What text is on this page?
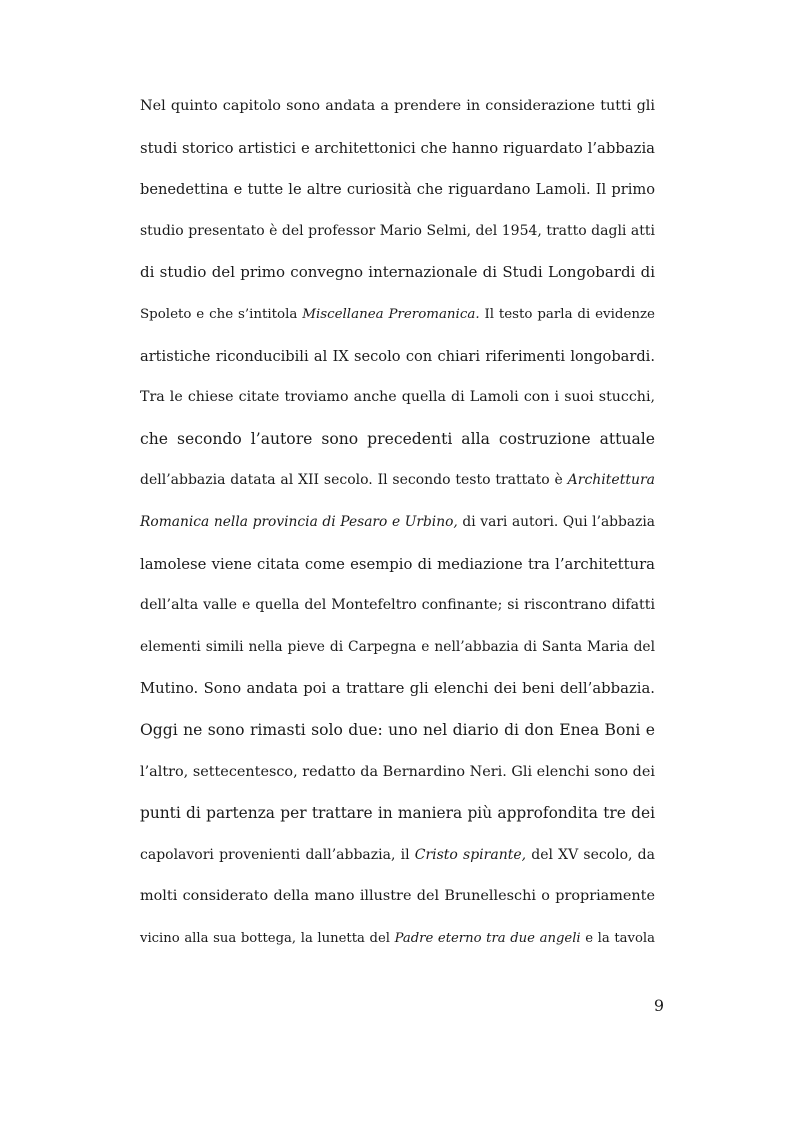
Nel quinto capitolo sono andata a prendere in considerazione tutti gli
studi storico artistici e architettonici che hanno riguardato l’abbazia
benedettina e tutte le altre curiosità che riguardano Lamoli. Il primo
studio presentato è del professor Mario Selmi, del 1954, tratto dagli atti
di studio del primo convegno internazionale di Studi Longobardi di
Spoleto e che s’intitola Miscellanea Preromanica. Il testo parla di evidenze
artistiche riconducibili al IX secolo con chiari riferimenti longobardi.
Tra le chiese citate troviamo anche quella di Lamoli con i suoi stucchi,
che secondo l’autore sono precedenti alla costruzione attuale
dell’abbazia datata al XII secolo. Il secondo testo trattato è Architettura
Romanica nella provincia di Pesaro e Urbino, di vari autori. Qui l’abbazia
lamolese viene citata come esempio di mediazione tra l’architettura
dell’alta valle e quella del Montefeltro confinante; si riscontrano difatti
elementi simili nella pieve di Carpegna e nell’abbazia di Santa Maria del
Mutino. Sono andata poi a trattare gli elenchi dei beni dell’abbazia.
Oggi ne sono rimasti solo due: uno nel diario di don Enea Boni e
l’altro, settecentesco, redatto da Bernardino Neri. Gli elenchi sono dei
punti di partenza per trattare in maniera più approfondita tre dei
capolavori provenienti dall’abbazia, il Cristo spirante, del XV secolo, da
molti considerato della mano illustre del Brunelleschi o propriamente
vicino alla sua bottega, la lunetta del Padre eterno tra due angeli e la tavola
9
